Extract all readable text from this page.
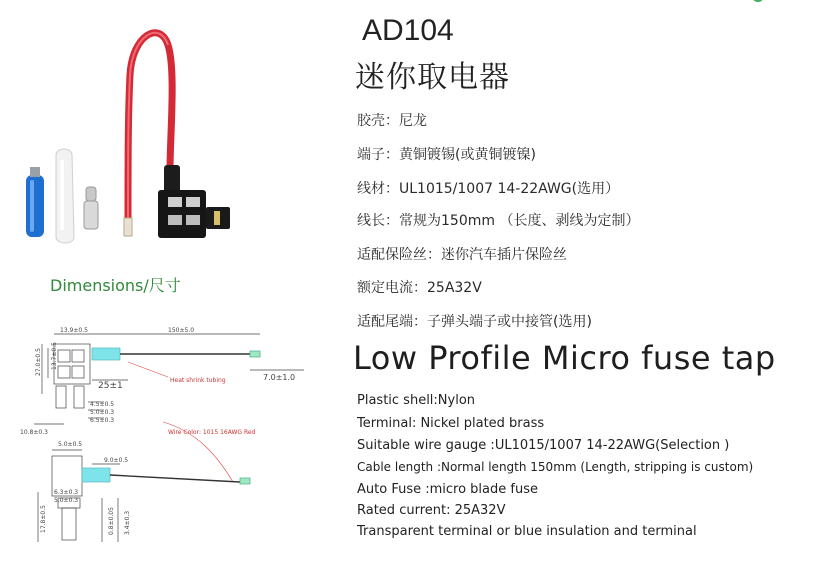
Dimensions/尺寸
13.9±0.5	150±5.0
27.0±0.5 13.7±0.5
25±1
Heat shrink tubing	7.0±1.0
4.5±0.5
5.0±0.3
6.5±0.3
10.8±0.3	Wire Color: 1015 16AWG Red
5.0±0.5
9.0±0.5
6.3±0.3
5.0±0.3
17.8±0.5	0.8±0.05 3.4±0.3
AD104
迷你取电器
胶壳：尼龙
端子：黄铜镀锡(或黄铜镀镍)
线材：UL1015/1007 14-22AWG(选用）
线长：常规为150mm （长度、剥线为定制）
适配保险丝：迷你汽车插片保险丝
额定电流：25A32V
适配尾端：子弹头端子或中接管(选用)
Low Profile Micro fuse tap
Plastic shell:Nylon
Terminal: Nickel plated brass
Suitable wire gauge :UL1015/1007 14-22AWG(Selection )
Cable length :Normal length 150mm (Length, stripping is custom)
Auto Fuse :micro blade fuse
Rated current: 25A32V
Transparent terminal or blue insulation and terminal
